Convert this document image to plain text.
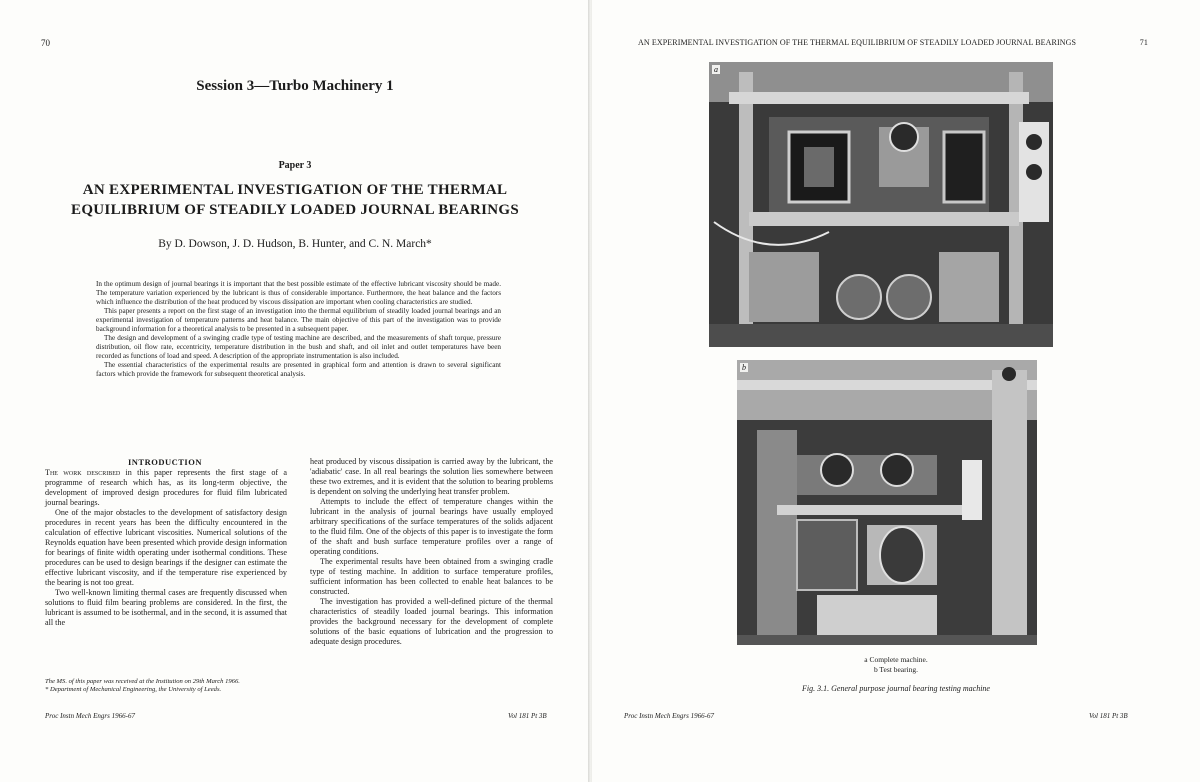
70
Session 3—Turbo Machinery 1
Paper 3
AN EXPERIMENTAL INVESTIGATION OF THE THERMAL
EQUILIBRIUM OF STEADILY LOADED JOURNAL BEARINGS
By D. Dowson, J. D. Hudson, B. Hunter, and C. N. March*

In the optimum design of journal bearings it is important that the best possible estimate of the effective lubricant viscosity should be made. The temperature variation experienced by the lubricant is thus of considerable importance. Furthermore, the heat balance and the factors which influence the distribution of the heat produced by viscous dissipation are important when cooling characteristics are studied.

This paper presents a report on the first stage of an investigation into the thermal equilibrium of steadily loaded journal bearings and an experimental investigation of temperature patterns and heat balance. The main objective of this part of the investigation was to provide background information for a theoretical analysis to be presented in a subsequent paper.

The design and development of a swinging cradle type of testing machine are described, and the measurements of shaft torque, pressure distribution, oil flow rate, eccentricity, temperature distribution in the bush and shaft, and oil inlet and outlet temperatures have been recorded as functions of load and speed. A description of the appropriate instrumentation is also included.

The essential characteristics of the experimental results are presented in graphical form and attention is drawn to several significant factors which provide the framework for subsequent theoretical analysis.

INTRODUCTION

The work described in this paper represents the first stage of a programme of research which has, as its long-term objective, the development of improved design procedures for fluid film lubricated journal bearings.

One of the major obstacles to the development of satisfactory design procedures in recent years has been the difficulty encountered in the calculation of effective lubricant viscosities. Numerical solutions of the Reynolds equation have been presented which provide design information for bearings of finite width operating under isothermal conditions. These procedures can be used to design bearings if the designer can estimate the effective lubricant viscosity, and if the temperature rise experienced by the bearing is not too great.

Two well-known limiting thermal cases are frequently discussed when solutions to fluid film bearing problems are considered. In the first, the lubricant is assumed to be isothermal, and in the second, it is assumed that all the

heat produced by viscous dissipation is carried away by the lubricant, the 'adiabatic' case. In all real bearings the solution lies somewhere between these two extremes, and it is evident that the solution to bearing problems is dependent on solving the underlying heat transfer problem.

Attempts to include the effect of temperature changes within the lubricant in the analysis of journal bearings have usually employed arbitrary specifications of the surface temperatures of the solids adjacent to the fluid film. One of the objects of this paper is to investigate the form of the shaft and bush surface temperature profiles over a range of operating conditions.

The experimental results have been obtained from a swinging cradle type of testing machine. In addition to surface temperature profiles, sufficient information has been collected to enable heat balances to be constructed.

The investigation has provided a well-defined picture of the thermal characteristics of steadily loaded journal bearings. This information provides the background necessary for the development of complete solutions of the basic equations of lubrication and the progression to adequate design procedures.

The MS. of this paper was received at the Institution on 29th March 1966.

* Department of Mechanical Engineering, the University of Leeds.

Proc Instn Mech Engrs 1966-67	Vol 181 Pt 3B
AN EXPERIMENTAL INVESTIGATION OF THE THERMAL EQUILIBRIUM OF STEADILY LOADED JOURNAL BEARINGS	71
a
b
a Complete machine.
b Test bearing.
Fig. 3.1. General purpose journal bearing testing machine
Proc Instn Mech Engrs 1966-67	Vol 181 Pt 3B
